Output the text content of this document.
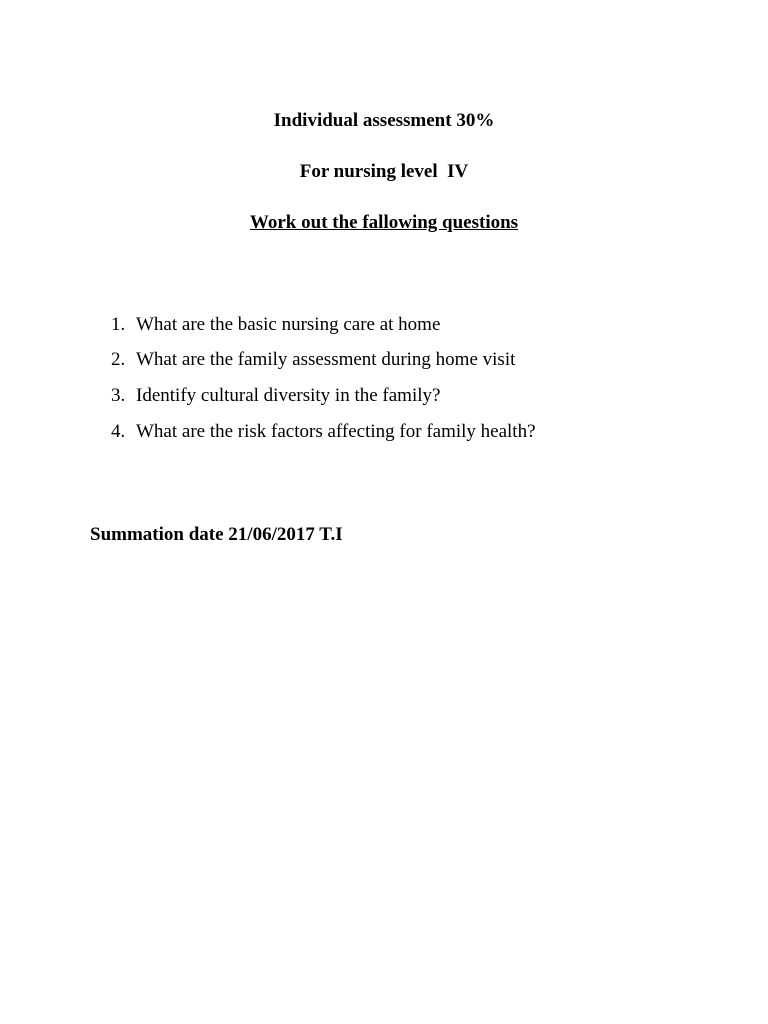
Individual assessment 30%
For nursing level  IV
Work out the fallowing questions
1. What are the basic nursing care at home
2. What are the family assessment during home visit
3. Identify cultural diversity in the family?
4. What are the risk factors affecting for family health?

Summation date 21/06/2017 T.I
